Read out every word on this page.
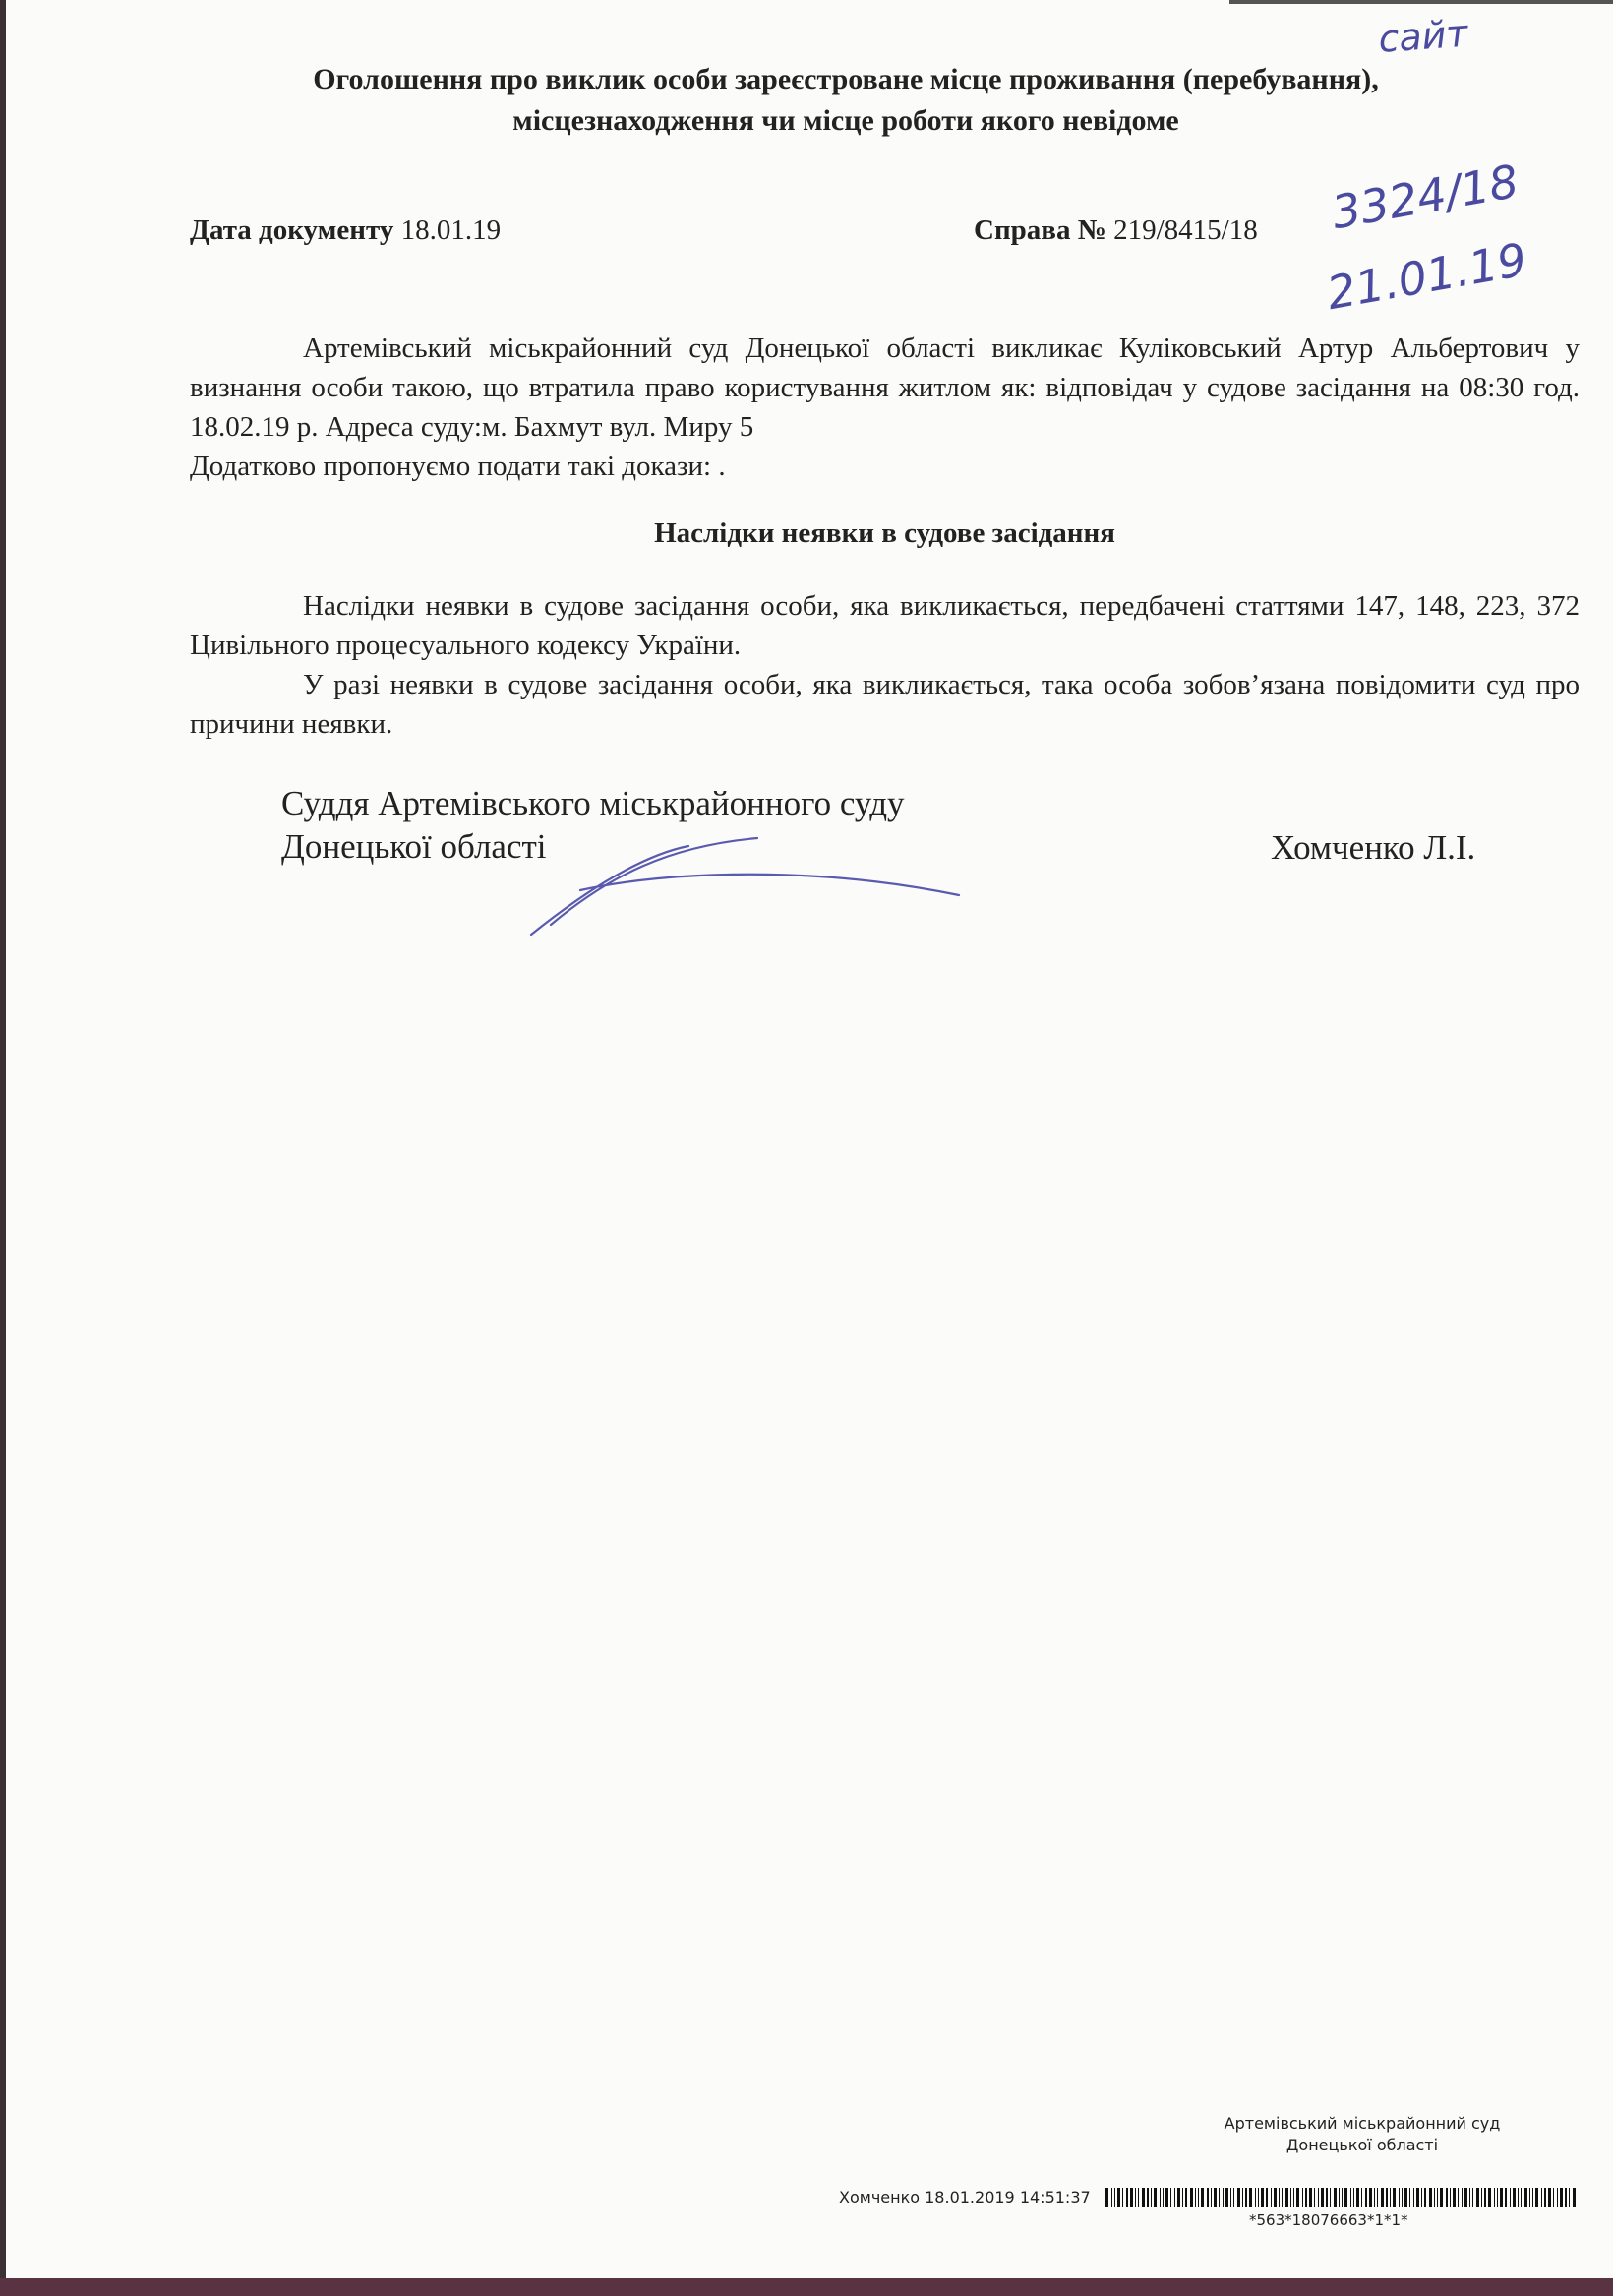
сайт
3324/18
21.01.19
Оголошення про виклик особи зареєстроване місце проживання (перебування),
місцезнаходження чи місце роботи якого невідоме
Дата документу 18.01.19	Справа № 219/8415/18
Артемівський міськрайонний суд Донецької області викликає Куліковський Артур Альбертович у визнання особи такою, що втратила право користування житлом як: відповідач у судове засідання на 08:30 год. 18.02.19 р. Адреса суду:м. Бахмут вул. Миру 5
Додатково пропонуємо подати такі докази: .
Наслідки неявки в судове засідання
Наслідки неявки в судове засідання особи, яка викликається, передбачені статтями 147, 148, 223, 372 Цивільного процесуального кодексу України.
У разі неявки в судове засідання особи, яка викликається, така особа зобов’язана повідомити суд про причини неявки.
Суддя Артемівського міськрайонного суду
Донецької області	Хомченко Л.І.
Артемівський міськрайонний суд
Донецької області
Хомченко 18.01.2019 14:51:37
*563*18076663*1*1*
